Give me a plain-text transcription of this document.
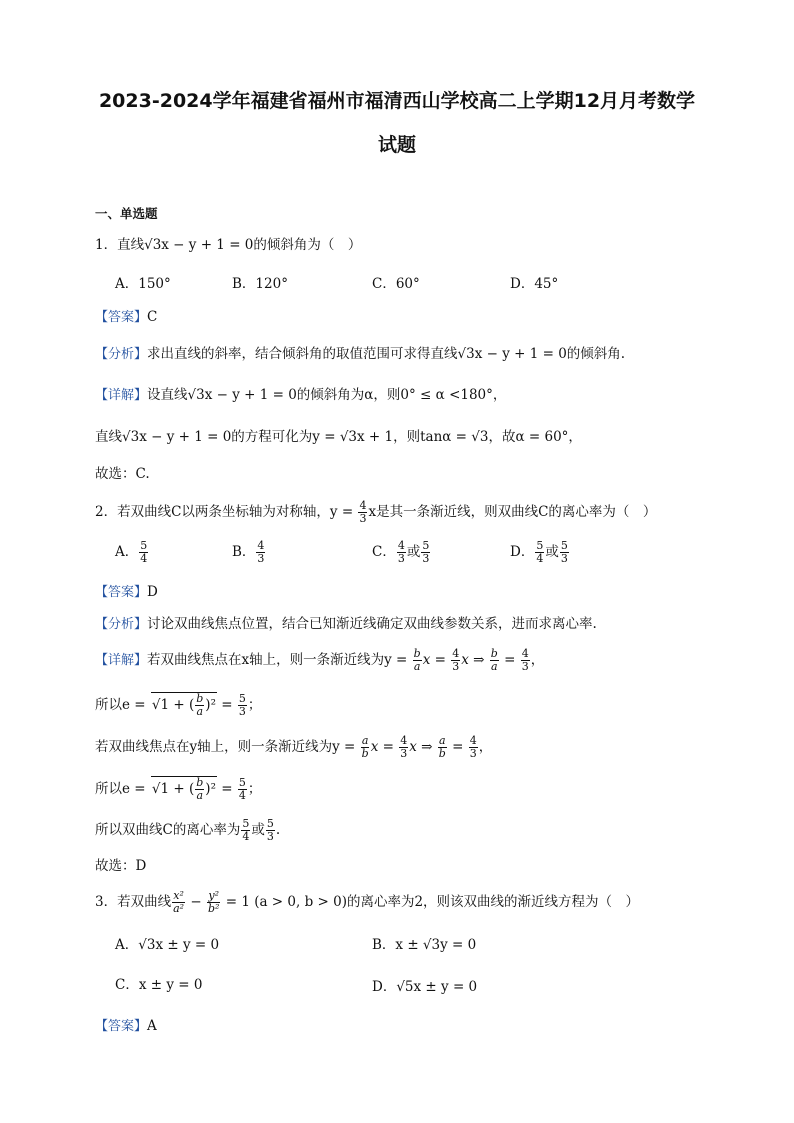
2023-2024学年福建省福州市福清西山学校高二上学期12月月考数学
试题
一、单选题
1．直线√3x − y + 1 = 0的倾斜角为（　）
A．150°	B．120°	C．60°	D．45°
【答案】C
【分析】求出直线的斜率，结合倾斜角的取值范围可求得直线√3x − y + 1 = 0的倾斜角.
【详解】设直线√3x − y + 1 = 0的倾斜角为α，则0° ≤ α <180°，
直线√3x − y + 1 = 0的方程可化为y = √3x + 1，则tanα = √3，故α = 60°，
故选：C.
2．若双曲线C以两条坐标轴为对称轴，$y = \frac{4}{3}$ x是其一条渐近线，则双曲线C的离心率为（　）
A． $\frac{5}{4}$	B． $\frac{4}{3}$	C． $\frac{4}{3}$ 或 $\frac{5}{3}$	D． $\frac{5}{4}$ 或 $\frac{5}{3}$
【答案】D
【分析】讨论双曲线焦点位置，结合已知渐近线确定双曲线参数关系，进而求离心率.
【详解】若双曲线焦点在x轴上，则一条渐近线为$y = \frac{b}{a}$ $x = \frac{4}{3}$ x ⇒ $\frac{b}{a} = \frac{4}{3}$ ，
所以e = √1 + ( $\frac{b}{a} )^2 = \frac{5}{3}$ ；
若双曲线焦点在y轴上，则一条渐近线为$y = \frac{a}{b}$ $x = \frac{4}{3}$ x ⇒ $\frac{a}{b} = \frac{4}{3}$ ，
所以e = √1 + ( $\frac{b}{a} )^2 = \frac{5}{4}$ ；
所以双曲线C的离心率为 $\frac{5}{4}$ 或 $\frac{5}{3}$ .
故选：D
3．若双曲线 $\frac{\text{x²}}{\text{a²}} - \frac{\text{y²}}{\text{b²}} = 1$ (a > 0, b > 0)的离心率为2，则该双曲线的渐近线方程为（　）
A．√3x ± y = 0	B．x ± √3y = 0
C．x ± y = 0	D．√5x ± y = 0
【答案】A
